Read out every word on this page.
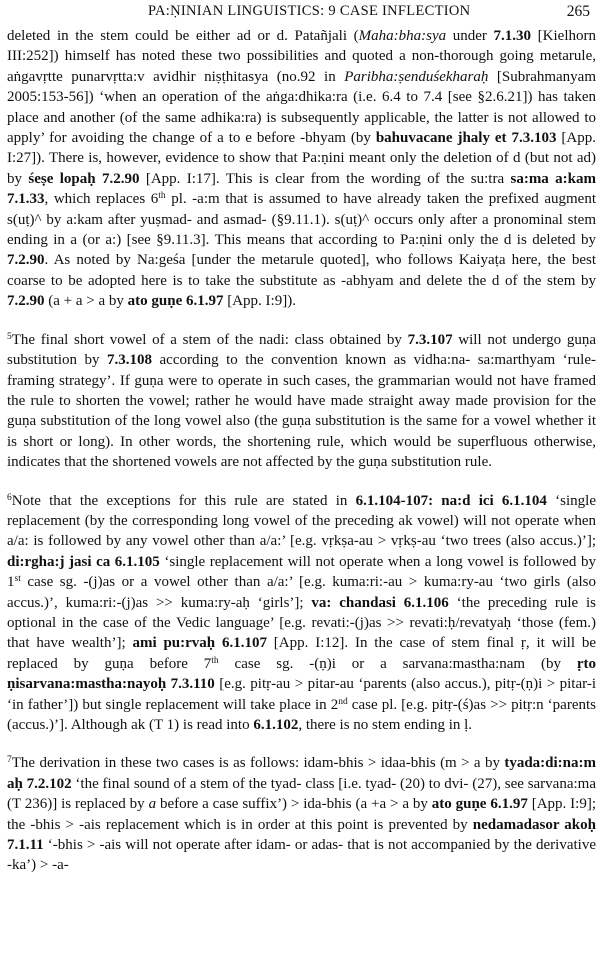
PA:ṆINIAN LINGUISTICS: 9 CASE INFLECTION	265

deleted in the stem could be either ad or d. Patañjali (Maha:bha:sya under 7.1.30 [Kielhorn III:252]) himself has noted these two possibilities and quoted a non-thorough going metarule, aṅgavṛtte punarvṛtta:v avidhir niṣṭhitasya (no.92 in Paribha:ṣenduśekharaḥ [Subrahmanyam 2005:153-56]) ‘when an operation of the aṅga:dhika:ra (i.e. 6.4 to 7.4 [see §2.6.21]) has taken place and another (of the same adhika:ra) is subsequently applicable, the latter is not allowed to apply’ for avoiding the change of a to e before -bhyam (by bahuvacane jhaly et 7.3.103 [App. I:27]). There is, however, evidence to show that Pa:ṇini meant only the deletion of d (but not ad) by śeṣe lopaḥ 7.2.90 [App. I:17]. This is clear from the wording of the su:tra sa:ma a:kam 7.1.33, which replaces 6th pl. -a:m that is assumed to have already taken the prefixed augment s(uṭ)^ by a:kam after yuṣmad- and asmad- (§9.11.1). s(uṭ)^ occurs only after a pronominal stem ending in a (or a:) [see §9.11.3]. This means that according to Pa:ṇini only the d is deleted by 7.2.90. As noted by Na:geśa [under the metarule quoted], who follows Kaiyaṭa here, the best coarse to be adopted here is to take the substitute as -abhyam and delete the d of the stem by 7.2.90 (a + a > a by ato guṇe 6.1.97 [App. I:9]).

$^5$The final short vowel of a stem of the nadi: class obtained by 7.3.107 will not undergo guṇa substitution by 7.3.108 according to the convention known as vidha:na- sa:marthyam ‘rule-framing strategy’. If guṇa were to operate in such cases, the grammarian would not have framed the rule to shorten the vowel; rather he would have made straight away made provision for the guṇa substitution of the long vowel also (the guṇa substitution is the same for a vowel whether it is short or long). In other words, the shortening rule, which would be superfluous otherwise, indicates that the shortened vowels are not affected by the guṇa substitution rule.

$^6$Note that the exceptions for this rule are stated in 6.1.104-107: na:d ici 6.1.104 ‘single replacement (by the corresponding long vowel of the preceding ak vowel) will not operate when a/a: is followed by any vowel other than a/a:’ [e.g. vṛkṣa-au > vṛkṣ-au ‘two trees (also accus.)’]; di:rgha:j jasi ca 6.1.105 ‘single replacement will not operate when a long vowel is followed by 1st case sg. -(j)as or a vowel other than a/a:’ [e.g. kuma:ri:-au > kuma:ry-au ‘two girls (also accus.)’, kuma:ri:-(j)as >> kuma:ry-aḥ ‘girls’]; va: chandasi 6.1.106 ‘the preceding rule is optional in the case of the Vedic language’ [e.g. revati:-(j)as >> revati:ḥ/revatyaḥ ‘those (fem.) that have wealth’]; ami pu:rvaḥ 6.1.107 [App. I:12]. In the case of stem final ṛ, it will be replaced by guṇa before 7th case sg. -(ṇ)i or a sarvana:mastha:nam (by ṛto ṇisarvana:mastha:nayoḥ 7.3.110 [e.g. pitṛ-au > pitar-au ‘parents (also accus.), pitṛ-(ṇ)i > pitar-i ‘in father’]) but single replacement will take place in 2nd case pl. [e.g. pitṛ-(ś)as >> pitṛ:n ‘parents (accus.)’]. Although ak (T 1) is read into 6.1.102, there is no stem ending in ḷ.

$^7$The derivation in these two cases is as follows: idam-bhis > idaa-bhis (m > a by tyada:di:na:m aḥ 7.2.102 ‘the final sound of a stem of the tyad- class [i.e. tyad- (20) to dvi- (27), see sarvana:ma (T 236)] is replaced by a before a case suffix’) > ida-bhis (a +a > a by ato guṇe 6.1.97 [App. I:9]; the -bhis > -ais replacement which is in order at this point is prevented by nedamadasor akoḥ 7.1.11 ‘-bhis > -ais will not operate after idam- or adas- that is not accompanied by the derivative -ka’) > -a-
